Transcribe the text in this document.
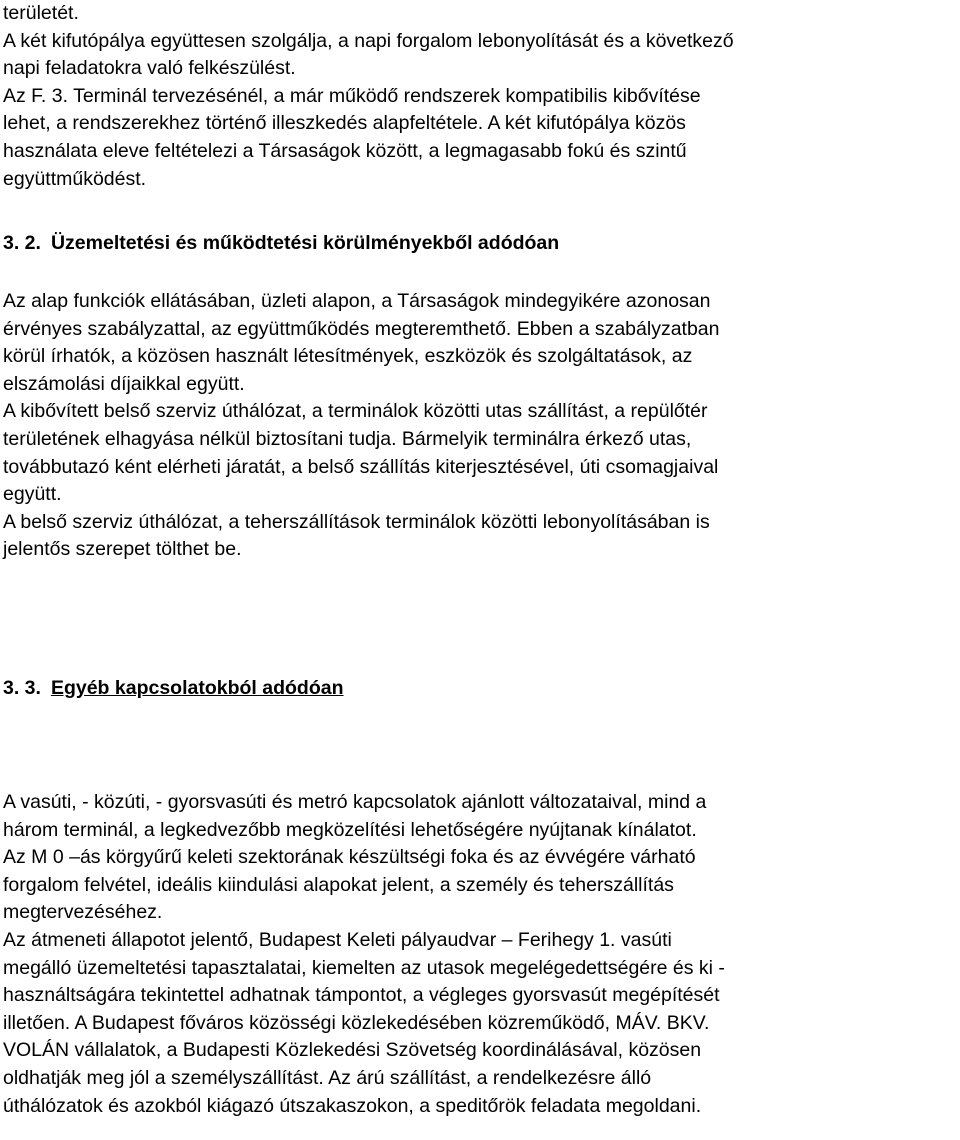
területét.
A két kifutópálya együttesen szolgálja, a napi forgalom lebonyolítását és a következő
napi feladatokra való felkészülést.
Az F. 3. Terminál tervezésénél, a már működő rendszerek kompatibilis kibővítése
lehet, a rendszerekhez történő illeszkedés alapfeltétele. A két kifutópálya közös
használata eleve feltételezi a Társaságok között, a legmagasabb fokú és szintű
együttműködést.
3. 2. Üzemeltetési és működtetési körülményekből adódóan
Az alap funkciók ellátásában, üzleti alapon, a Társaságok mindegyikére azonosan
érvényes szabályzattal, az együttműködés megteremthető. Ebben a szabályzatban
körül írhatók, a közösen használt létesítmények, eszközök és szolgáltatások, az
elszámolási díjaikkal együtt.
A kibővített belső szerviz úthálózat, a terminálok közötti utas szállítást, a repülőtér
területének elhagyása nélkül biztosítani tudja. Bármelyik terminálra érkező utas,
továbbutazó ként elérheti járatát, a belső szállítás kiterjesztésével, úti csomagjaival
együtt.
A belső szerviz úthálózat, a teherszállítások terminálok közötti lebonyolításában is
jelentős szerepet tölthet be.
3. 3. Egyéb kapcsolatokból adódóan
A vasúti, - közúti, - gyorsvasúti és metró kapcsolatok ajánlott változataival, mind a
három terminál, a legkedvezőbb megközelítési lehetőségére nyújtanak kínálatot.
Az M 0 –ás körgyűrű keleti szektorának készültségi foka és az évvégére várható
forgalom felvétel, ideális kiindulási alapokat jelent, a személy és teherszállítás
megtervezéséhez.
Az átmeneti állapotot jelentő, Budapest Keleti pályaudvar – Ferihegy 1. vasúti
megálló üzemeltetési tapasztalatai, kiemelten az utasok megelégedettségére és ki -
használtságára tekintettel adhatnak támpontot, a végleges gyorsvasút megépítését
illetően. A Budapest főváros közösségi közlekedésében közreműködő, MÁV. BKV.
VOLÁN vállalatok, a Budapesti Közlekedési Szövetség koordinálásával, közösen
oldhatják meg jól a személyszállítást. Az árú szállítást, a rendelkezésre álló
úthálózatok és azokból kiágazó útszakaszokon, a speditőrök feladata megoldani.
